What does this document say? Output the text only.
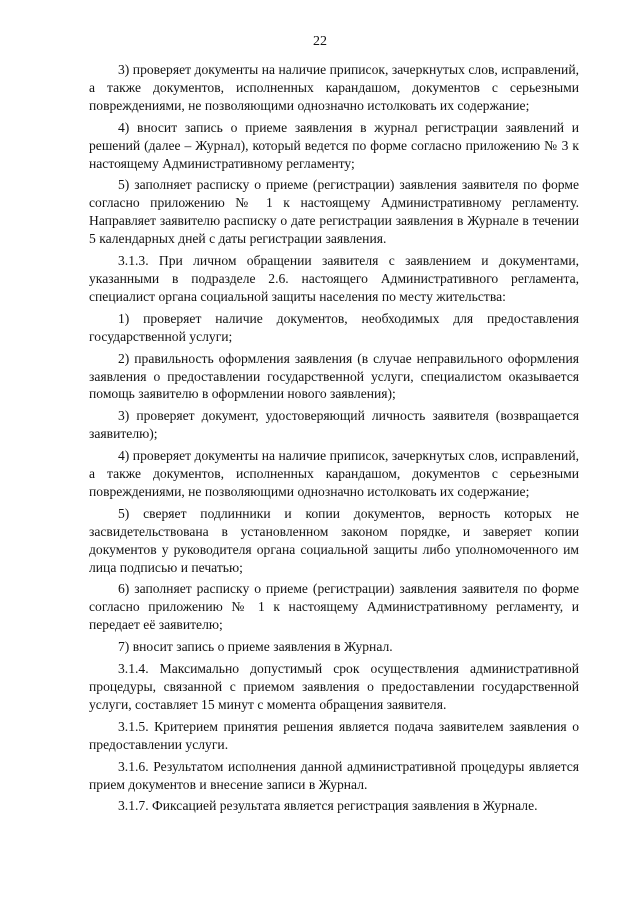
22

3) проверяет документы на наличие приписок, зачеркнутых слов, исправлений, а также документов, исполненных карандашом, документов с серьезными повреждениями, не позволяющими однозначно истолковать их содержание;

4) вносит запись о приеме заявления в журнал регистрации заявлений и решений (далее – Журнал), который ведется по форме согласно приложению № 3 к настоящему Административному регламенту;

5) заполняет расписку о приеме (регистрации) заявления заявителя по форме согласно приложению № 1 к настоящему Административному регламенту. Направляет заявителю расписку о дате регистрации заявления в Журнале в течении 5 календарных дней с даты регистрации заявления.

3.1.3. При личном обращении заявителя с заявлением и документами, указанными в подразделе 2.6. настоящего Административного регламента, специалист органа социальной защиты населения по месту жительства:

1) проверяет наличие документов, необходимых для предоставления государственной услуги;

2) правильность оформления заявления (в случае неправильного оформления заявления о предоставлении государственной услуги, специалистом оказывается помощь заявителю в оформлении нового заявления);

3) проверяет документ, удостоверяющий личность заявителя (возвращается заявителю);

4) проверяет документы на наличие приписок, зачеркнутых слов, исправлений, а также документов, исполненных карандашом, документов с серьезными повреждениями, не позволяющими однозначно истолковать их содержание;

5) сверяет подлинники и копии документов, верность которых не засвидетельствована в установленном законом порядке, и заверяет копии документов у руководителя органа социальной защиты либо уполномоченного им лица подписью и печатью;

6) заполняет расписку о приеме (регистрации) заявления заявителя по форме согласно приложению № 1 к настоящему Административному регламенту, и передает её заявителю;

7) вносит запись о приеме заявления в Журнал.

3.1.4. Максимально допустимый срок осуществления административной процедуры, связанной с приемом заявления о предоставлении государственной услуги, составляет 15 минут с момента обращения заявителя.

3.1.5. Критерием принятия решения является подача заявителем заявления о предоставлении услуги.

3.1.6. Результатом исполнения данной административной процедуры является прием документов и внесение записи в Журнал.

3.1.7. Фиксацией результата является регистрация заявления в Журнале.
